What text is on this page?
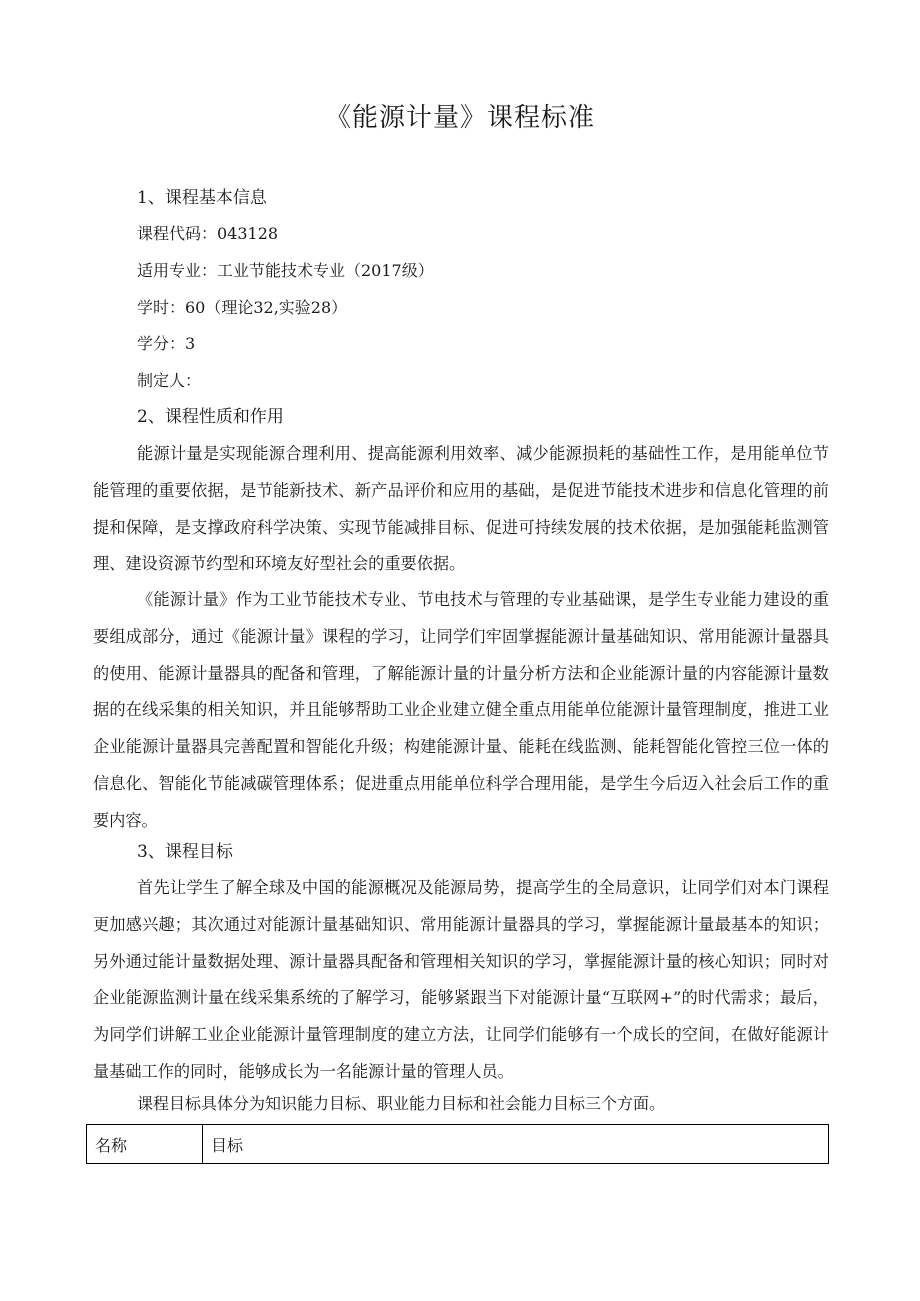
《能源计量》课程标准
1、课程基本信息
课程代码：043128
适用专业：工业节能技术专业（2017级）
学时：60（理论32,实验28）
学分：3
制定人：
2、课程性质和作用

能源计量是实现能源合理利用、提高能源利用效率、减少能源损耗的基础性工作，是用能单位节能管理的重要依据，是节能新技术、新产品评价和应用的基础，是促进节能技术进步和信息化管理的前提和保障，是支撑政府科学决策、实现节能减排目标、促进可持续发展的技术依据，是加强能耗监测管理、建设资源节约型和环境友好型社会的重要依据。

《能源计量》作为工业节能技术专业、节电技术与管理的专业基础课，是学生专业能力建设的重要组成部分，通过《能源计量》课程的学习，让同学们牢固掌握能源计量基础知识、常用能源计量器具的使用、能源计量器具的配备和管理，了解能源计量的计量分析方法和企业能源计量的内容能源计量数据的在线采集的相关知识，并且能够帮助工业企业建立健全重点用能单位能源计量管理制度，推进工业企业能源计量器具完善配置和智能化升级；构建能源计量、能耗在线监测、能耗智能化管控三位一体的信息化、智能化节能减碳管理体系；促进重点用能单位科学合理用能，是学生今后迈入社会后工作的重要内容。

3、课程目标

首先让学生了解全球及中国的能源概况及能源局势，提高学生的全局意识，让同学们对本门课程更加感兴趣；其次通过对能源计量基础知识、常用能源计量器具的学习，掌握能源计量最基本的知识；另外通过能计量数据处理、源计量器具配备和管理相关知识的学习，掌握能源计量的核心知识；同时对企业能源监测计量在线采集系统的了解学习，能够紧跟当下对能源计量“互联网+”的时代需求；最后，为同学们讲解工业企业能源计量管理制度的建立方法，让同学们能够有一个成长的空间，在做好能源计量基础工作的同时，能够成长为一名能源计量的管理人员。

课程目标具体分为知识能力目标、职业能力目标和社会能力目标三个方面。
名称	目标
